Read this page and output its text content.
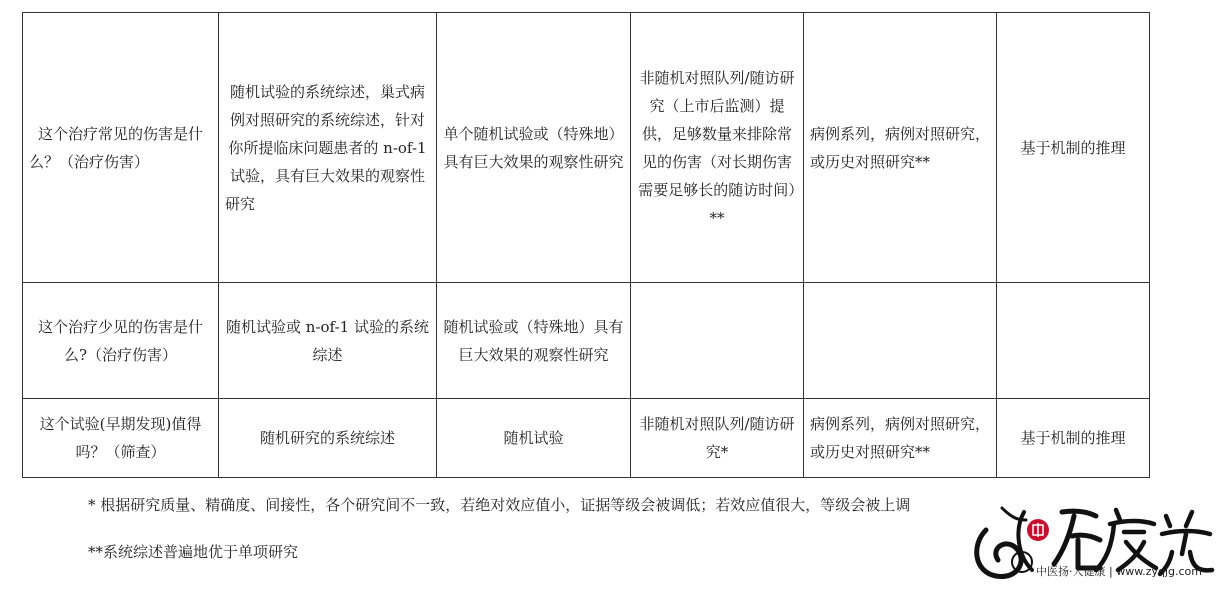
这个治疗常见的伤害是什么？（治疗伤害）	随机试验的系统综述，巢式病例对照研究的系统综述，针对你所提临床问题患者的 n-of-1 试验，具有巨大效果的观察性研究	单个随机试验或（特殊地）具有巨大效果的观察性研究	非随机对照队列/随访研究（上市后监测）提供，足够数量来排除常见的伤害（对长期伤害需要足够长的随访时间）**	病例系列，病例对照研究，或历史对照研究**	基于机制的推理
这个治疗少见的伤害是什么?（治疗伤害）	随机试验或 n-of-1 试验的系统综述	随机试验或（特殊地）具有巨大效果的观察性研究			
这个试验(早期发现)值得吗？（筛查）	随机研究的系统综述	随机试验	非随机对照队列/随访研究*	病例系列，病例对照研究，或历史对照研究**	基于机制的推理
* 根据研究质量、精确度、间接性，各个研究间不一致，若绝对效应值小，证据等级会被调低；若效应值很大，等级会被上调
**系统综述普遍地优于单项研究
中医扬·人健康 | www.zyqjg.com
